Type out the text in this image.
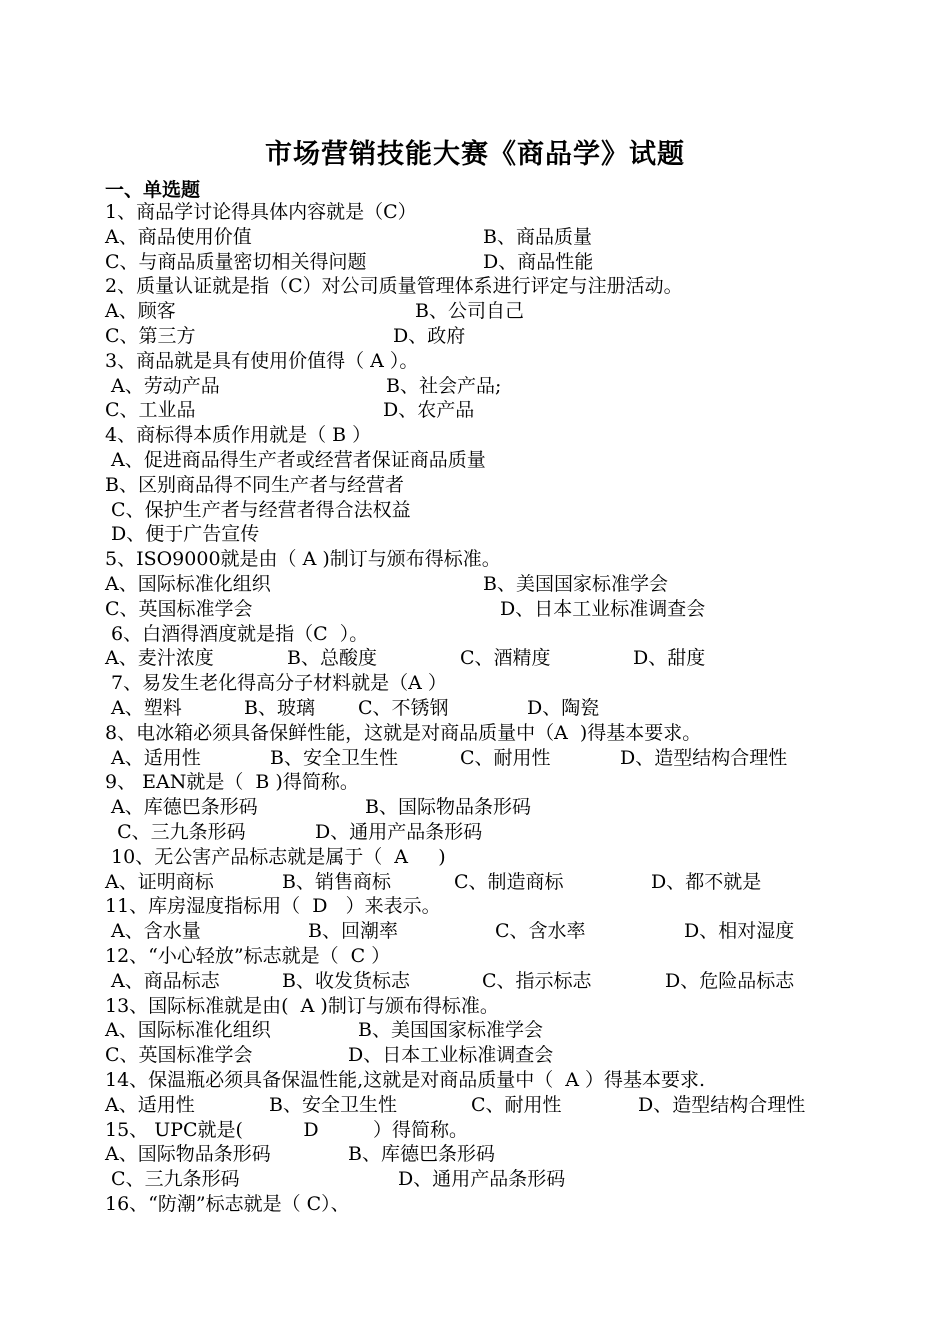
市场营销技能大赛《商品学》试题
一、单选题
1、商品学讨论得具体内容就是（C）
A、商品使用价值	B、商品质量
C、与商品质量密切相关得问题	D、商品性能
2、质量认证就是指（C）对公司质量管理体系进行评定与注册活动。
A、顾客	B、公司自己
C、第三方	D、政府
3、商品就是具有使用价值得（ A ）。
A、劳动产品	B、社会产品;
C、工业品	D、农产品
4、商标得本质作用就是（ B ）
A、促进商品得生产者或经营者保证商品质量
B、区别商品得不同生产者与经营者
C、保护生产者与经营者得合法权益
D、便于广告宣传
5、ISO9000就是由（ A )制订与颁布得标准。
A、国际标准化组织	B、美国国家标准学会
C、英国标准学会	D、日本工业标准调查会
6、白酒得酒度就是指（C  ）。
A、麦汁浓度	B、总酸度	C、酒精度	D、甜度
7、易发生老化得高分子材料就是（A ）
A、塑料	B、玻璃 C、不锈钢	D、陶瓷
8、电冰箱必须具备保鲜性能，这就是对商品质量中（A  )得基本要求。
A、适用性	B、安全卫生性	C、耐用性	D、造型结构合理性
9、 EAN就是（  B )得简称。
A、库德巴条形码	B、国际物品条形码
C、三九条形码	D、通用产品条形码
10、无公害产品标志就是属于（  A     )
A、证明商标	B、销售商标	C、制造商标	D、都不就是
11、库房湿度指标用（  D   ）来表示。
A、含水量	B、回潮率	C、含水率	D、相对湿度
12、“小心轻放”标志就是（  C ）
A、商品标志	B、收发货标志	C、指示标志	D、危险品标志
13、国际标准就是由(  A )制订与颁布得标准。
A、国际标准化组织	B、美国国家标准学会
C、英国标准学会	D、日本工业标准调查会
14、保温瓶必须具备保温性能,这就是对商品质量中（  A ）得基本要求.
A、适用性	B、安全卫生性	C、耐用性	D、造型结构合理性
15、 UPC就是(          D         ）得简称。
A、国际物品条形码	B、库德巴条形码
C、三九条形码	D、通用产品条形码
16、“防潮”标志就是（ C）、
